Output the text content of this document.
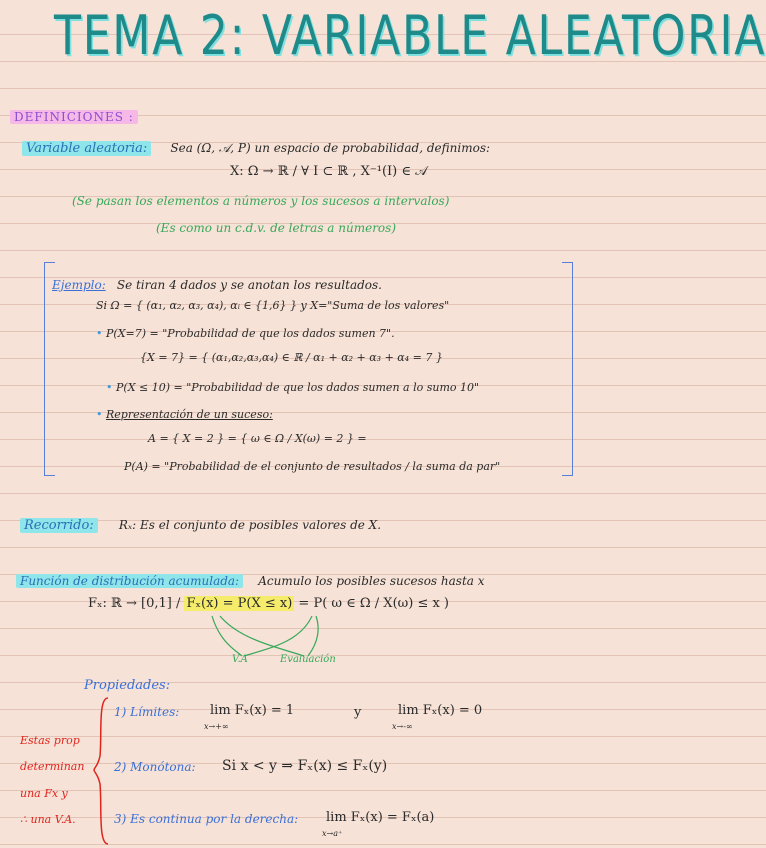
TEMA 2: VARIABLE ALEATORIA
DEFINICIONES :
Variable aleatoria: Sea (Ω, 𝒜, P) un espacio de probabilidad, definimos:
X: Ω → ℝ / ∀ I ⊂ ℝ , X⁻¹(I) ∈ 𝒜
(Se pasan los elementos a números y los sucesos a intervalos)
(Es como un c.d.v. de letras a números)
Ejemplo: Se tiran 4 dados y se anotan los resultados.
Si Ω = { (α₁, α₂, α₃, α₄), αᵢ ∈ {1,6} } y X="Suma de los valores"
• P(X=7) = "Probabilidad de que los dados sumen 7".
{X = 7} = { (α₁,α₂,α₃,α₄) ∈ ℝ / α₁ + α₂ + α₃ + α₄ = 7 }
• P(X ≤ 10) = "Probabilidad de que los dados sumen a lo sumo 10"
• Representación de un suceso:
A = { X = 2 } = { ω ∈ Ω / X(ω) = 2 } =
P(A) = "Probabilidad de el conjunto de resultados / la suma da par"
Recorrido: Rₓ: Es el conjunto de posibles valores de X.
Función de distribución acumulada: Acumulo los posibles sucesos hasta x
Fₓ: ℝ → [0,1] / Fₓ(x) = P(X ≤ x) = P( ω ∈ Ω / X(ω) ≤ x )
V.A	Evaluación
Propiedades:
Estas prop
determinan
una Fx y
∴ una V.A.
1) Límites: lim Fₓ(x) = 1
x→+∞
y	lim Fₓ(x) = 0
x→-∞
2) Monótona: Si x < y ⇒ Fₓ(x) ≤ Fₓ(y)
3) Es continua por la derecha: lim Fₓ(x) = Fₓ(a)
x→a⁺
